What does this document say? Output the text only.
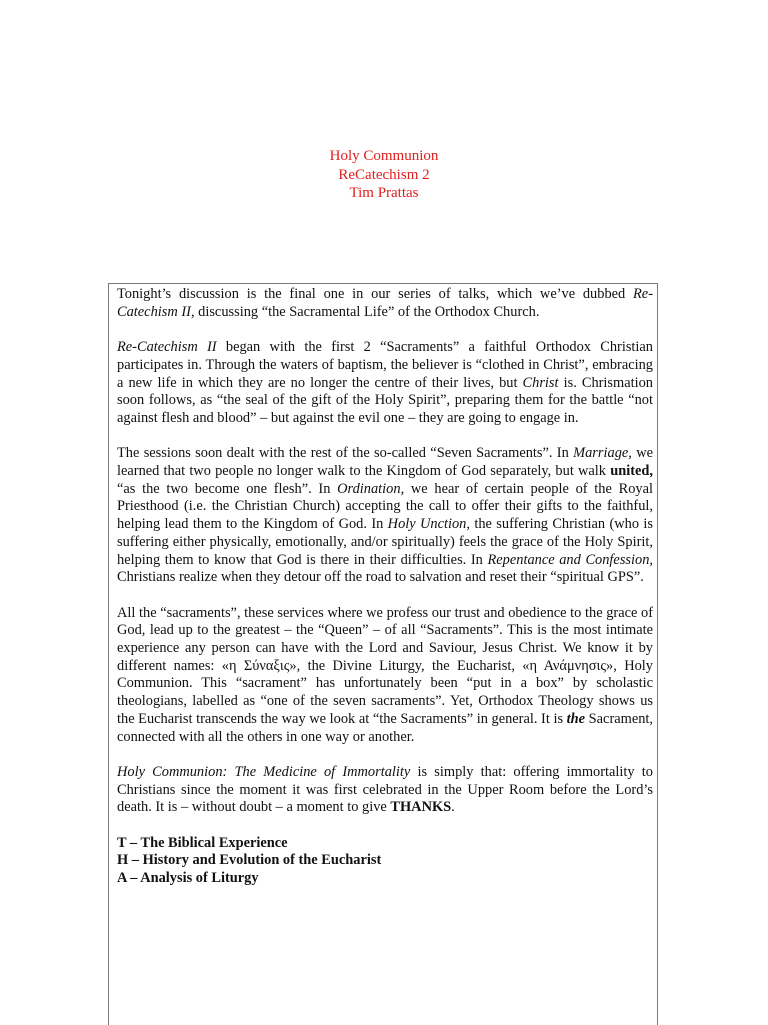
Holy Communion
ReCatechism 2
Tim Prattas

Tonight’s discussion is the final one in our series of talks, which we’ve dubbed Re-Catechism II, discussing “the Sacramental Life” of the Orthodox Church.

Re-Catechism II began with the first 2 “Sacraments” a faithful Orthodox Christian participates in. Through the waters of baptism, the believer is “clothed in Christ”, embracing a new life in which they are no longer the centre of their lives, but Christ is. Chrismation soon follows, as “the seal of the gift of the Holy Spirit”, preparing them for the battle “not against flesh and blood” – but against the evil one – they are going to engage in.

The sessions soon dealt with the rest of the so-called “Seven Sacraments”. In Marriage, we learned that two people no longer walk to the Kingdom of God separately, but walk united, “as the two become one flesh”. In Ordination, we hear of certain people of the Royal Priesthood (i.e. the Christian Church) accepting the call to offer their gifts to the faithful, helping lead them to the Kingdom of God. In Holy Unction, the suffering Christian (who is suffering either physically, emotionally, and/or spiritually) feels the grace of the Holy Spirit, helping them to know that God is there in their difficulties. In Repentance and Confession, Christians realize when they detour off the road to salvation and reset their “spiritual GPS”.

All the “sacraments”, these services where we profess our trust and obedience to the grace of God, lead up to the greatest – the “Queen” – of all “Sacraments”. This is the most intimate experience any person can have with the Lord and Saviour, Jesus Christ. We know it by different names: «η Σύναξις», the Divine Liturgy, the Eucharist, «η Ανάμνησις», Holy Communion. This “sacrament” has unfortunately been “put in a box” by scholastic theologians, labelled as “one of the seven sacraments”. Yet, Orthodox Theology shows us the Eucharist transcends the way we look at “the Sacraments” in general. It is the Sacrament, connected with all the others in one way or another.

Holy Communion: The Medicine of Immortality is simply that: offering immortality to Christians since the moment it was first celebrated in the Upper Room before the Lord’s death. It is – without doubt – a moment to give THANKS.

T – The Biblical Experience

H – History and Evolution of the Eucharist

A – Analysis of Liturgy
